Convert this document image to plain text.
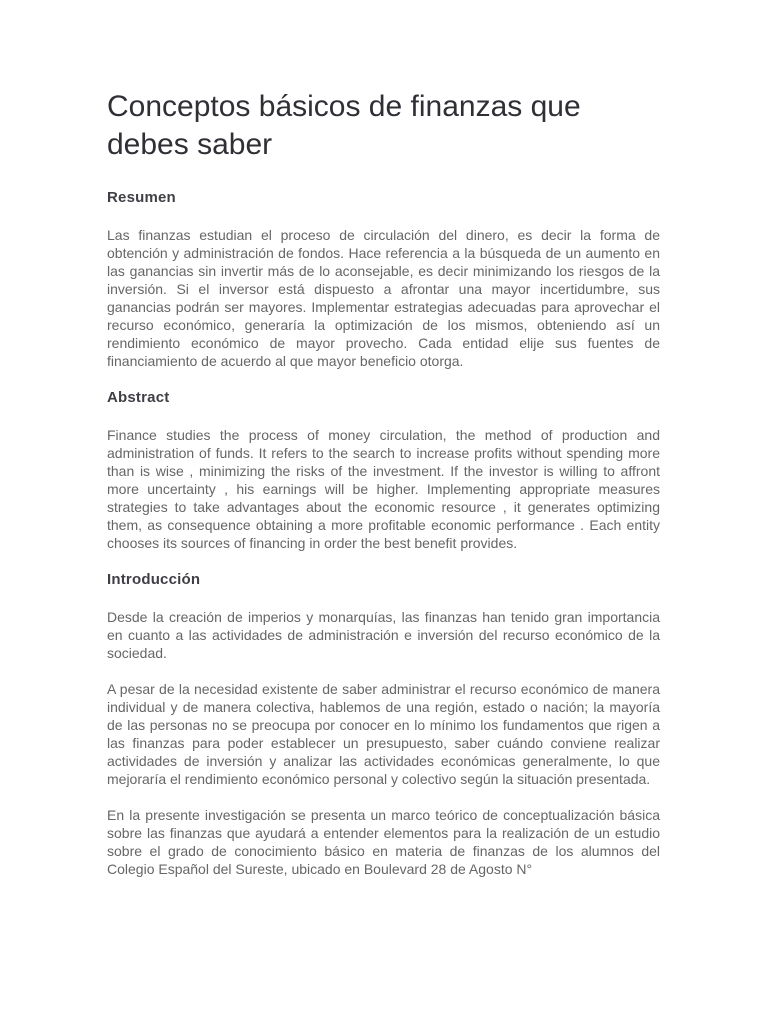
Conceptos básicos de finanzas que debes saber
Resumen

Las finanzas estudian el proceso de circulación del dinero, es decir la forma de obtención y administración de fondos. Hace referencia a la búsqueda de un aumento en las ganancias sin invertir más de lo aconsejable, es decir minimizando los riesgos de la inversión. Si el inversor está dispuesto a afrontar una mayor incertidumbre, sus ganancias podrán ser mayores. Implementar estrategias adecuadas para aprovechar el recurso económico, generaría la optimización de los mismos, obteniendo así un rendimiento económico de mayor provecho. Cada entidad elije sus fuentes de financiamiento de acuerdo al que mayor beneficio otorga.

Abstract

Finance studies the process of money circulation, the method of production and administration of funds. It refers to the search to increase profits without spending more than is wise , minimizing the risks of the investment. If the investor is willing to affront more uncertainty , his earnings will be higher. Implementing appropriate measures strategies to take advantages about the economic resource , it generates optimizing them, as consequence obtaining a more profitable economic performance . Each entity chooses its sources of financing in order the best benefit provides.

Introducción

Desde la creación de imperios y monarquías, las finanzas han tenido gran importancia en cuanto a las actividades de administración e inversión del recurso económico de la sociedad.

A pesar de la necesidad existente de saber administrar el recurso económico de manera individual y de manera colectiva, hablemos de una región, estado o nación; la mayoría de las personas no se preocupa por conocer en lo mínimo los fundamentos que rigen a las finanzas para poder establecer un presupuesto, saber cuándo conviene realizar actividades de inversión y analizar las actividades económicas generalmente, lo que mejoraría el rendimiento económico personal y colectivo según la situación presentada.

En la presente investigación se presenta un marco teórico de conceptualización básica sobre las finanzas que ayudará a entender elementos para la realización de un estudio sobre el grado de conocimiento básico en materia de finanzas de los alumnos del Colegio Español del Sureste, ubicado en Boulevard 28 de Agosto N°
